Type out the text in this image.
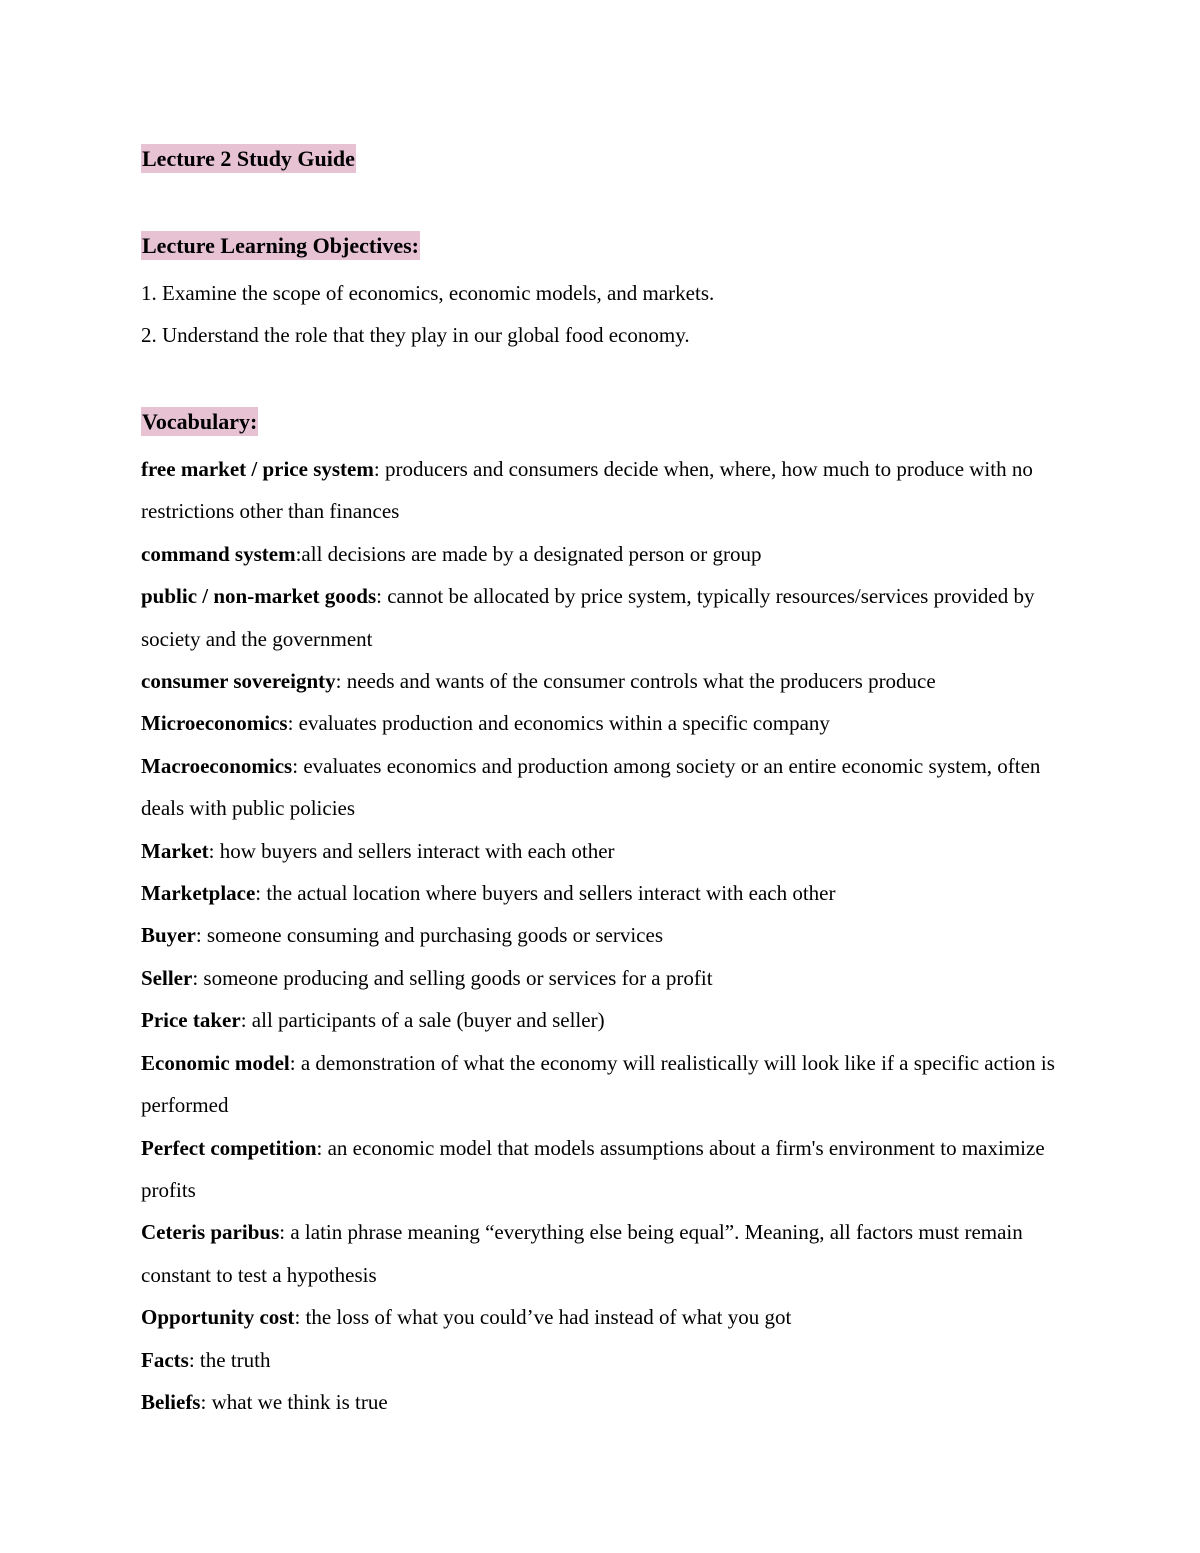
Lecture 2 Study Guide
Lecture Learning Objectives:
1. Examine the scope of economics, economic models, and markets.
2. Understand the role that they play in our global food economy.
Vocabulary:

free market / price system: producers and consumers decide when, where, how much to produce with no restrictions other than finances

command system:all decisions are made by a designated person or group

public / non-market goods: cannot be allocated by price system, typically resources/services provided by society and the government

consumer sovereignty: needs and wants of the consumer controls what the producers produce

Microeconomics: evaluates production and economics within a specific company

Macroeconomics: evaluates economics and production among society or an entire economic system, often deals with public policies

Market: how buyers and sellers interact with each other

Marketplace: the actual location where buyers and sellers interact with each other

Buyer: someone consuming and purchasing goods or services

Seller: someone producing and selling goods or services for a profit

Price taker: all participants of a sale (buyer and seller)

Economic model: a demonstration of what the economy will realistically will look like if a specific action is performed

Perfect competition: an economic model that models assumptions about a firm's environment to maximize profits

Ceteris paribus: a latin phrase meaning “everything else being equal”. Meaning, all factors must remain constant to test a hypothesis

Opportunity cost: the loss of what you could’ve had instead of what you got

Facts: the truth

Beliefs: what we think is true
